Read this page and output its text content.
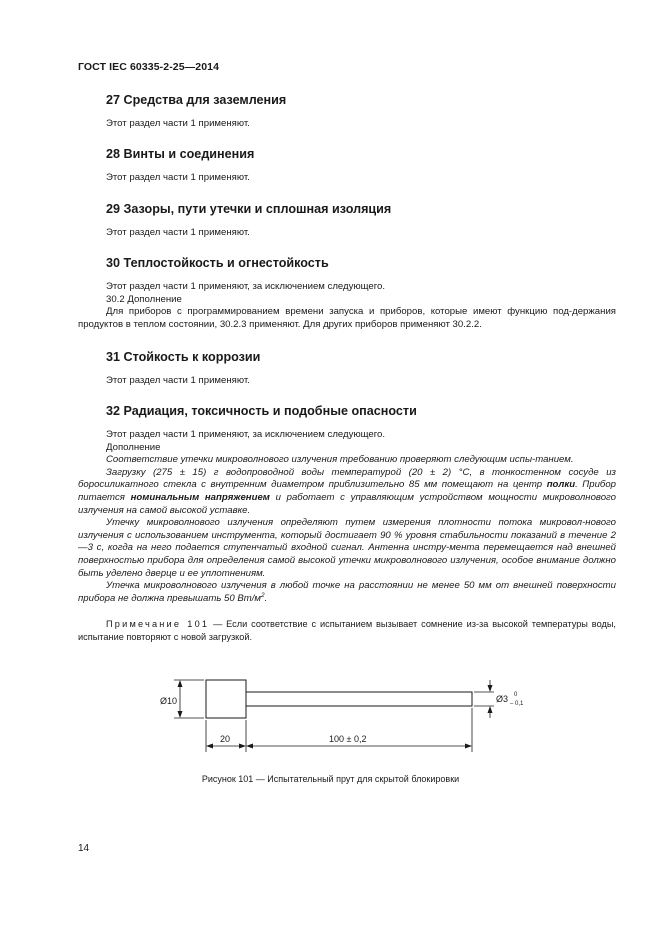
ГОСТ IEC 60335-2-25—2014
27 Средства для заземления

Этот раздел части 1 применяют.

28 Винты и соединения

Этот раздел части 1 применяют.

29 Зазоры, пути утечки и сплошная изоляция

Этот раздел части 1 применяют.

30 Теплостойкость и огнестойкость

Этот раздел части 1 применяют, за исключением следующего.

30.2 Дополнение

Для приборов с программированием времени запуска и приборов, которые имеют функцию под-держания продуктов в теплом состоянии, 30.2.3 применяют. Для других приборов применяют 30.2.2.

31 Стойкость к коррозии

Этот раздел части 1 применяют.

32 Радиация, токсичность и подобные опасности

Этот раздел части 1 применяют, за исключением следующего.

Дополнение

Соответствие утечки микроволнового излучения требованию проверяют следующим испы-танием.

Загрузку (275 ± 15) г водопроводной воды температурой (20 ± 2) °С, в тонкостенном сосуде из боросиликатного стекла с внутренним диаметром приблизительно 85 мм помещают на центр полки. Прибор питается номинальным напряжением и работает с управляющим устройством мощности микроволнового излучения на самой высокой уставке.

Утечку микроволнового излучения определяют путем измерения плотности потока микровол-нового излучения с использованием инструмента, который достигает 90 % уровня стабильности показаний в течение 2—3 с, когда на него подается ступенчатый входной сигнал. Антенна инстру-мента перемещается над внешней поверхностью прибора для определения самой высокой утечки микроволнового излучения, особое внимание должно быть уделено дверце и ее уплотнениям.

Утечка микроволнового излучения в любой точке на расстоянии не менее 50 мм от внешней поверхности прибора не должна превышать 50 $Вт/м^2$.

Примечание 101 — Если соответствие с испытанием вызывает сомнение из-за высокой температуры воды, испытание повторяют с новой загрузкой.

Ø10	Ø3 0
– 0,1
20	100 ± 0,2
Рисунок 101 — Испытательный прут для скрытой блокировки
14
